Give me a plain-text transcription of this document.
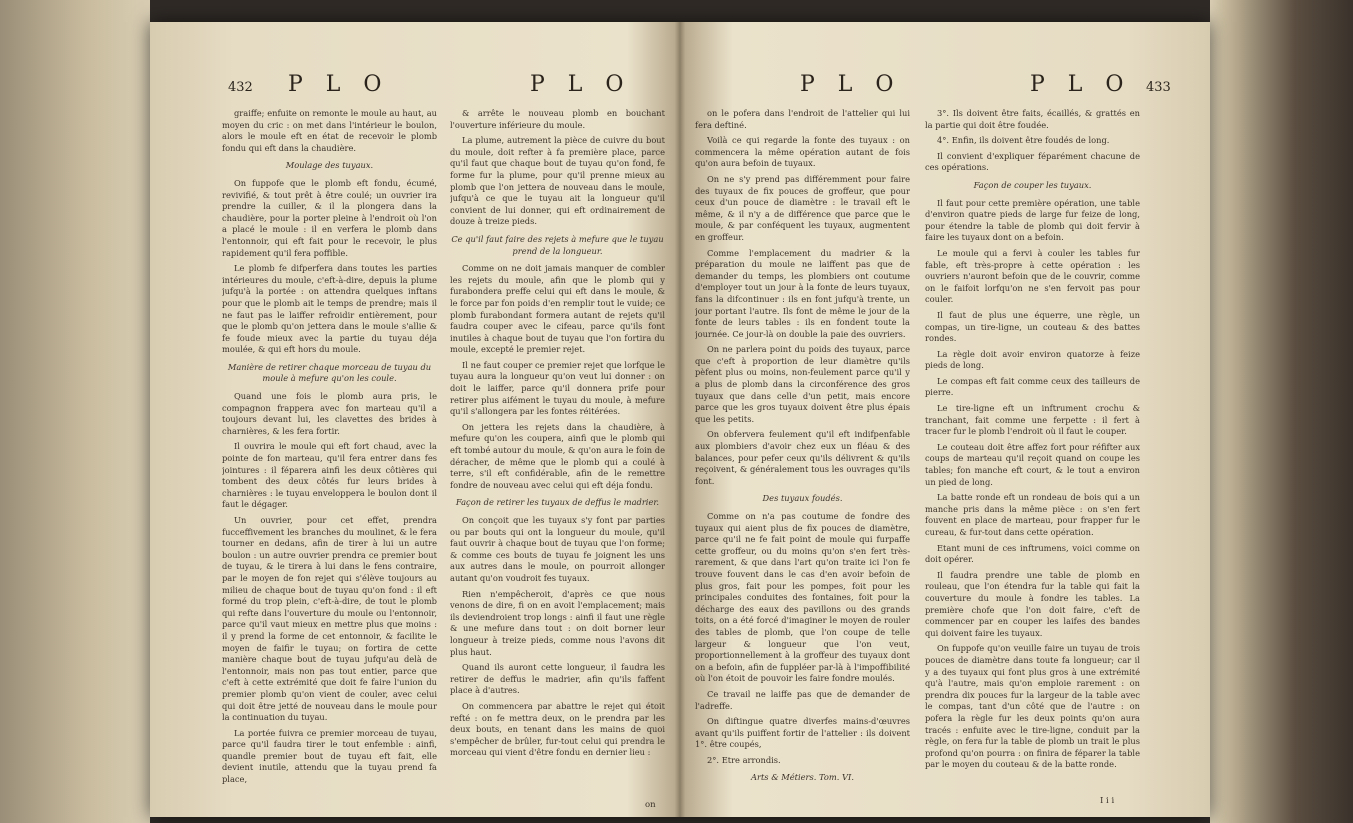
432 P L O	P L O	P L O	P L O 433

graiffe; enfuite on remonte le moule au haut, au moyen du cric : on met dans l'intérieur le boulon, alors le moule eft en état de recevoir le plomb fondu qui eft dans la chaudière.

Moulage des tuyaux.

On fuppofe que le plomb eft fondu, écumé, revivifié, & tout prêt à être coulé; un ouvrier ira prendre la cuiller, & il la plongera dans la chaudière, pour la porter pleine à l'endroit où l'on a placé le moule : il en verfera le plomb dans l'entonnoir, qui eft fait pour le recevoir, le plus rapidement qu'il fera poffible.

Le plomb fe difperfera dans toutes les parties intérieures du moule, c'eft-à-dire, depuis la plume jufqu'à la portée : on attendra quelques inftans pour que le plomb ait le temps de prendre; mais il ne faut pas le laiffer refroidir entièrement, pour que le plomb qu'on jettera dans le moule s'allie & fe foude mieux avec la partie du tuyau déja moulée, & qui eft hors du moule.

Manière de retirer chaque morceau de tuyau du moule à mefure qu'on les coule.

Quand une fois le plomb aura pris, le compagnon frappera avec fon marteau qu'il a toujours devant lui, les clavettes des brides à charnières, & les fera fortir.

Il ouvrira le moule qui eft fort chaud, avec la pointe de fon marteau, qu'il fera entrer dans fes jointures : il féparera ainfi les deux côtières qui tombent des deux côtés fur leurs brides à charnières : le tuyau enveloppera le boulon dont il faut le dégager.

Un ouvrier, pour cet effet, prendra fucceffivement les branches du moulinet, & le fera tourner en dedans, afin de tirer à lui un autre boulon : un autre ouvrier prendra ce premier bout de tuyau, & le tirera à lui dans le fens contraire, par le moyen de fon rejet qui s'élève toujours au milieu de chaque bout de tuyau qu'on fond : il eft formé du trop plein, c'eft-à-dire, de tout le plomb qui refte dans l'ouverture du moule ou l'entonnoir, parce qu'il vaut mieux en mettre plus que moins : il y prend la forme de cet entonnoir, & facilite le moyen de faifir le tuyau; on fortira de cette manière chaque bout de tuyau jufqu'au delà de l'entonnoir, mais non pas tout entier, parce que c'eft à cette extrémité que doit fe faire l'union du premier plomb qu'on vient de couler, avec celui qui doit être jetté de nouveau dans le moule pour la continuation du tuyau.

La portée fuivra ce premier morceau de tuyau, parce qu'il faudra tirer le tout enfemble : ainfi, quandle premier bout de tuyau eft fait, elle devient inutile, attendu que la tuyau prend fa place,

& arrête le nouveau plomb en bouchant l'ouverture inférieure du moule.

La plume, autrement la pièce de cuivre du bout du moule, doit refter à fa première place, parce qu'il faut que chaque bout de tuyau qu'on fond, fe forme fur la plume, pour qu'il prenne mieux au plomb que l'on jettera de nouveau dans le moule, jufqu'à ce que le tuyau ait la longueur qu'il convient de lui donner, qui eft ordinairement de douze à treize pieds.

Ce qu'il faut faire des rejets à mefure que le tuyau prend de la longueur.

Comme on ne doit jamais manquer de combler les rejets du moule, afin que le plomb qui y furabondera preffe celui qui eft dans le moule, & le force par fon poids d'en remplir tout le vuide; ce plomb furabondant formera autant de rejets qu'il faudra couper avec le cifeau, parce qu'ils font inutiles à chaque bout de tuyau que l'on fortira du moule, excepté le premier rejet.

Il ne faut couper ce premier rejet que lorfque le tuyau aura la longueur qu'on veut lui donner : on doit le laiffer, parce qu'il donnera prife pour retirer plus aifément le tuyau du moule, à mefure qu'il s'allongera par les fontes réitérées.

On jettera les rejets dans la chaudière, à mefure qu'on les coupera, ainfi que le plomb qui eft tombé autour du moule, & qu'on aura le foin de déracher, de même que le plomb qui a coulé à terre, s'il eft confidérable, afin de le remettre fondre de nouveau avec celui qui eft déja fondu.

Façon de retirer les tuyaux de deffus le madrier.

On conçoit que les tuyaux s'y font par parties ou par bouts qui ont la longueur du moule, qu'il faut ouvrir à chaque bout de tuyau que l'on forme; & comme ces bouts de tuyau fe joignent les uns aux autres dans le moule, on pourroit allonger autant qu'on voudroit fes tuyaux.

Rien n'empêcheroit, d'après ce que nous venons de dire, fi on en avoit l'emplacement; mais ils deviendroient trop longs : ainfi il faut une règle & une mefure dans tout : on doit borner leur longueur à treize pieds, comme nous l'avons dit plus haut.

Quand ils auront cette longueur, il faudra les retirer de deffus le madrier, afin qu'ils faffent place à d'autres.

On commencera par abattre le rejet qui étoit refté : on fe mettra deux, on le prendra par les deux bouts, en tenant dans les mains de quoi s'empêcher de brûler, fur-tout celui qui prendra le morceau qui vient d'être fondu en dernier lieu :

on le pofera dans l'endroit de l'attelier qui lui fera deftiné.

Voilà ce qui regarde la fonte des tuyaux : on commencera la même opération autant de fois qu'on aura befoin de tuyaux.

On ne s'y prend pas différemment pour faire des tuyaux de fix pouces de groffeur, que pour ceux d'un pouce de diamètre : le travail eft le même, & il n'y a de différence que parce que le moule, & par conféquent les tuyaux, augmentent en groffeur.

Comme l'emplacement du madrier & la préparation du moule ne laiffent pas que de demander du temps, les plombiers ont coutume d'employer tout un jour à la fonte de leurs tuyaux, fans la difcontinuer : ils en font jufqu'à trente, un jour portant l'autre. Ils font de même le jour de la fonte de leurs tables : ils en fondent toute la journée. Ce jour-là on double la paie des ouvriers.

On ne parlera point du poids des tuyaux, parce que c'eft à proportion de leur diamètre qu'ils pèfent plus ou moins, non-feulement parce qu'il y a plus de plomb dans la circonférence des gros tuyaux que dans celle d'un petit, mais encore parce que les gros tuyaux doivent être plus épais que les petits.

On obfervera feulement qu'il eft indifpenfable aux plombiers d'avoir chez eux un fléau & des balances, pour pefer ceux qu'ils délivrent & qu'ils reçoivent, & généralement tous les ouvrages qu'ils font.

Des tuyaux foudés.

Comme on n'a pas coutume de fondre des tuyaux qui aient plus de fix pouces de diamètre, parce qu'il ne fe fait point de moule qui furpaffe cette groffeur, ou du moins qu'on s'en fert très-rarement, & que dans l'art qu'on traite ici l'on fe trouve fouvent dans le cas d'en avoir befoin de plus gros, fait pour les pompes, foit pour les principales conduites des fontaines, foit pour la décharge des eaux des pavillons ou des grands toits, on a été forcé d'imaginer le moyen de rouler des tables de plomb, que l'on coupe de telle largeur & longueur que l'on veut, proportionnellement à la groffeur des tuyaux dont on a befoin, afin de fuppléer par-là à l'impoffibilité où l'on étoit de pouvoir les faire fondre moulés.

Ce travail ne laiffe pas que de demander de l'adreffe.

On diftingue quatre diverfes mains-d'œuvres avant qu'ils puiffent fortir de l'attelier : ils doivent 1°. être coupés,

2°. Etre arrondis.

Arts & Métiers. Tom. VI.

3°. Ils doivent être faits, écaillés, & grattés en la partie qui doit être foudée.

4°. Enfin, ils doivent être foudés de long.

Il convient d'expliquer féparément chacune de ces opérations.

Façon de couper les tuyaux.

Il faut pour cette première opération, une table d'environ quatre pieds de large fur feize de long, pour étendre la table de plomb qui doit fervir à faire les tuyaux dont on a befoin.

Le moule qui a fervi à couler les tables fur fable, eft très-propre à cette opération : les ouvriers n'auront befoin que de le couvrir, comme on le faifoit lorfqu'on ne s'en fervoit pas pour couler.

Il faut de plus une équerre, une règle, un compas, un tire-ligne, un couteau & des battes rondes.

La règle doit avoir environ quatorze à feize pieds de long.

Le compas eft fait comme ceux des tailleurs de pierre.

Le tire-ligne eft un inftrument crochu & tranchant, fait comme une ferpette : il fert à tracer fur le plomb l'endroit où il faut le couper.

Le couteau doit être affez fort pour réfifter aux coups de marteau qu'il reçoit quand on coupe les tables; fon manche eft court, & le tout a environ un pied de long.

La batte ronde eft un rondeau de bois qui a un manche pris dans la même pièce : on s'en fert fouvent en place de marteau, pour frapper fur le cureau, & fur-tout dans cette opération.

Etant muni de ces inftrumens, voici comme on doit opérer.

Il faudra prendre une table de plomb en rouleau, que l'on étendra fur la table qui fait la couverture du moule à fondre les tables. La première chofe que l'on doit faire, c'eft de commencer par en couper les laifes des bandes qui doivent faire les tuyaux.

On fuppofe qu'on veuille faire un tuyau de trois pouces de diamètre dans toute fa longueur; car il y a des tuyaux qui font plus gros à une extrémité qu'à l'autre, mais qu'on emploie rarement : on prendra dix pouces fur la largeur de la table avec le compas, tant d'un côté que de l'autre : on pofera la règle fur les deux points qu'on aura tracés : enfuite avec le tire-ligne, conduit par la règle, on fera fur la table de plomb un trait le plus profond qu'on pourra : on finira de féparer la table par le moyen du couteau & de la batte ronde.

on	I i i
